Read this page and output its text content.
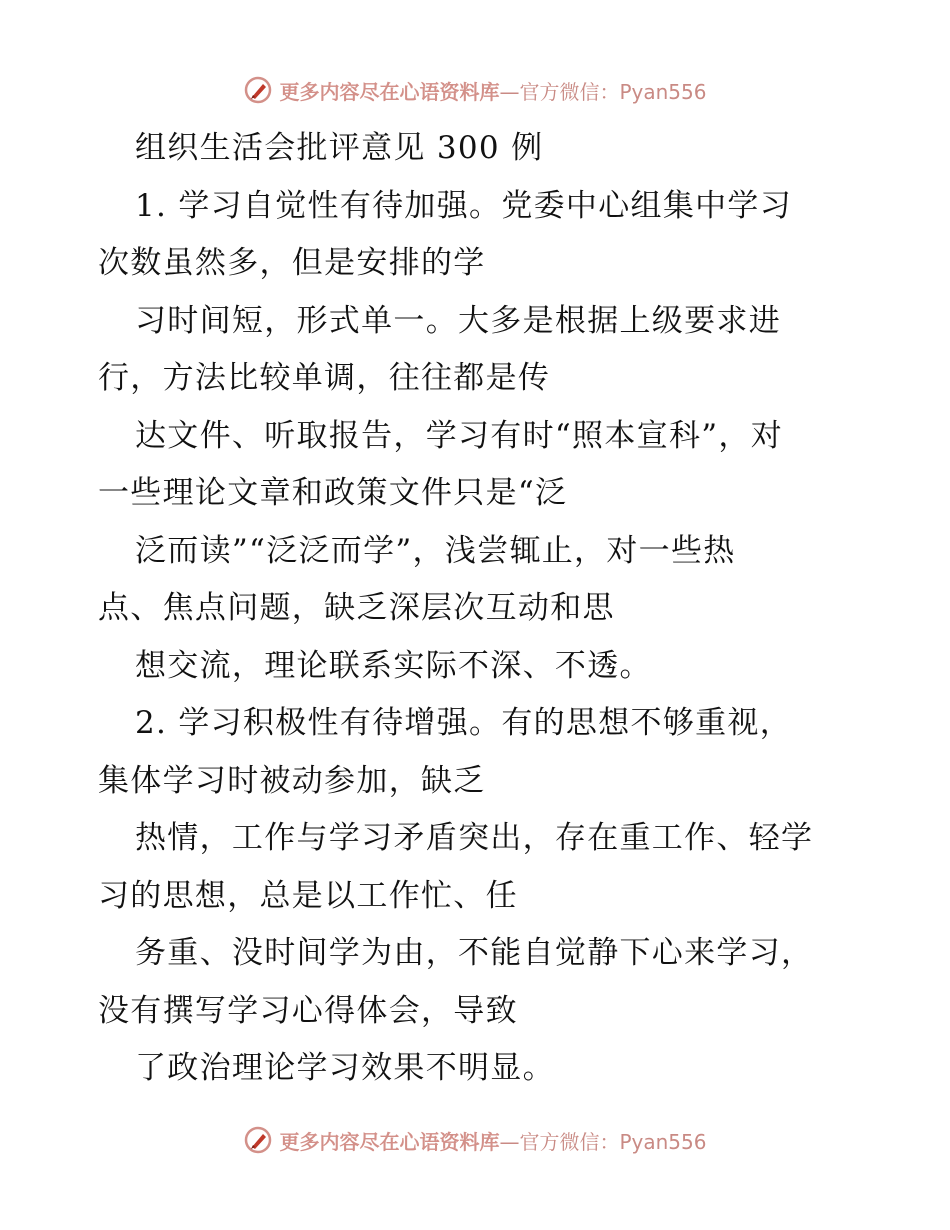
更多内容尽在心语资料库 —官方微信：Pyan556
组织生活会批评意见 300 例
1. 学习自觉性有待加强。党委中心组集中学习
次数虽然多，但是安排的学
习时间短，形式单一。大多是根据上级要求进
行，方法比较单调，往往都是传
达文件、听取报告，学习有时“照本宣科”，对
一些理论文章和政策文件只是“泛
泛而读”“泛泛而学”，浅尝辄止，对一些热
点、焦点问题，缺乏深层次互动和思
想交流，理论联系实际不深、不透。
2. 学习积极性有待增强。有的思想不够重视，
集体学习时被动参加，缺乏
热情，工作与学习矛盾突出，存在重工作、轻学
习的思想，总是以工作忙、任
务重、没时间学为由，不能自觉静下心来学习，
没有撰写学习心得体会，导致
了政治理论学习效果不明显。
更多内容尽在心语资料库 —官方微信：Pyan556
